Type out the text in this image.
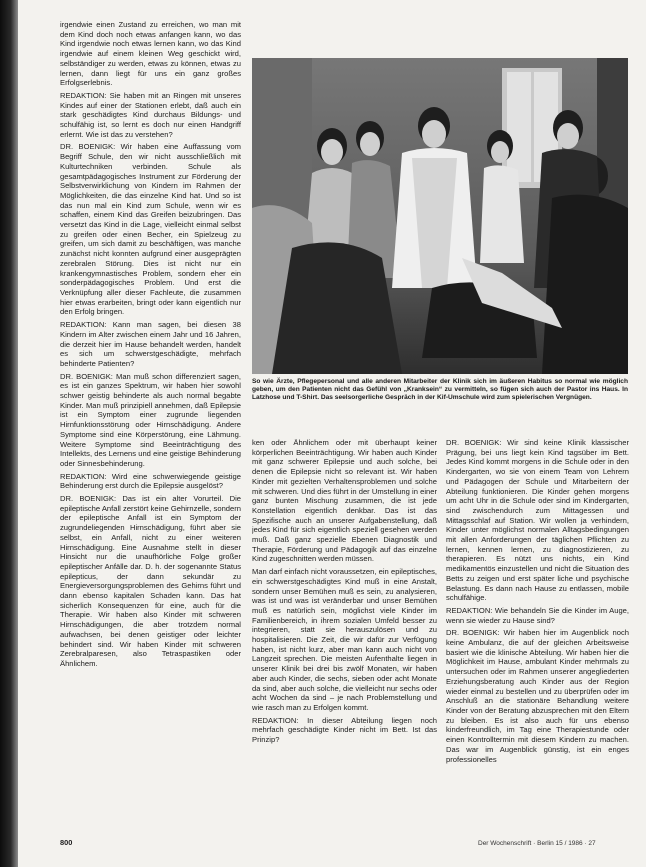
irgendwie einen Zustand zu erreichen, wo man mit dem Kind doch noch etwas anfangen kann, wo das Kind irgendwie noch etwas lernen kann, wo das Kind irgendwie auf einem kleinen Weg geschickt wird, selbständiger zu werden, etwas zu können, etwas zu lernen, dann liegt für uns ein ganz großes Erfolgserlebnis.

REDAKTION: Sie haben mit an Ringen mit unseres Kindes auf einer der Stationen erlebt, daß auch ein stark geschädigtes Kind durchaus Bildungs- und schulfähig ist, so lernt es doch nur einen Handgriff erlernt. Wie ist das zu verstehen?

DR. BOENIGK: Wir haben eine Auffassung vom Begriff Schule, den wir nicht ausschließlich mit Kulturtechniken verbinden. Schule als gesamtpädagogisches Instrument zur Förderung der Selbstverwirklichung von Kindern im Rahmen der Möglichkeiten, die das einzelne Kind hat. Und so ist das nun mal ein Kind zum Schule, wenn wir es schaffen, einem Kind das Greifen beizubringen. Das versetzt das Kind in die Lage, vielleicht einmal selbst zu greifen oder einen Becher, ein Spielzeug zu greifen, um sich damit zu beschäftigen, was manche zunächst nicht konnten aufgrund einer ausgeprägten zerebralen Störung. Dies ist nicht nur ein krankengymnastisches Problem, sondern eher ein sonderpädagogisches Problem. Und erst die Verknüpfung aller dieser Fachleute, die zusammen hier etwas erarbeiten, bringt oder kann eigentlich nur den Erfolg bringen.

REDAKTION: Kann man sagen, bei diesen 38 Kindern im Alter zwischen einem Jahr und 16 Jahren, die derzeit hier im Hause behandelt werden, handelt es sich um schwerstgeschädigte, mehrfach behinderte Patienten?

DR. BOENIGK: Man muß schon differenziert sagen, es ist ein ganzes Spektrum, wir haben hier sowohl schwer geistig behinderte als auch normal begabte Kinder. Man muß prinzipiell annehmen, daß Epilepsie ist ein Symptom einer zugrunde liegenden Hirnfunktionsstörung oder Hirnschädigung. Andere Symptome sind eine Körperstörung, eine Lähmung. Weitere Symptome sind Beeinträchtigung des Intellekts, des Lernens und eine geistige Behinderung oder Sinnesbehinderung.

REDAKTION: Wird eine schwerwiegende geistige Behinderung erst durch die Epilepsie ausgelöst?

DR. BOENIGK: Das ist ein alter Vorurteil. Die epileptische Anfall zerstört keine Gehirnzelle, sondern der epileptische Anfall ist ein Symptom der zugrundeliegenden Hirnschädigung, führt aber sie selbst, ein Anfall, nicht zu einer weiteren Hirnschädigung. Eine Ausnahme stellt in dieser Hinsicht nur die unaufhörliche Folge großer epileptischer Anfälle dar. D. h. der sogenannte Status epilepticus, der dann sekundär zu Energieversorgungsproblemen des Gehirns führt und dann ebenso kapitalen Schaden kann. Das hat sicherlich Konsequenzen für eine, auch für die Therapie. Wir haben also Kinder mit schweren Hirnschädigungen, die aber trotzdem normal aufwachsen, bei denen geistiger oder leichter behindert sind. Wir haben Kinder mit schweren Zerebralparesen, also Tetraspastiken oder Ähnlichem.

So wie Ärzte, Pflegepersonal und alle anderen Mitarbeiter der Klinik sich im äußeren Habitus so normal wie möglich geben, um den Patienten nicht das Gefühl von „Kranksein“ zu vermitteln, so fügen sich auch der Pastor ins Haus. In Latzhose und T-Shirt. Das seelsorgerliche Gespräch in der Kif-Umschule wird zum spielerischen Vergnügen.

ken oder Ähnlichem oder mit überhaupt keiner körperlichen Beeinträchtigung. Wir haben auch Kinder mit ganz schwerer Epilepsie und auch solche, bei denen die Epilepsie nicht so relevant ist. Wir haben Kinder mit gezielten Verhaltensproblemen und solche mit schweren. Und dies führt in der Umstellung in einer ganz bunten Mischung zusammen, die ist jede Konstellation eigentlich denkbar. Das ist das Spezifische auch an unserer Aufgabenstellung, daß jedes Kind für sich eigentlich speziell gesehen werden muß. Daß ganz spezielle Ebenen Diagnostik und Therapie, Förderung und Pädagogik auf das einzelne Kind zugeschnitten werden müssen.

Man darf einfach nicht voraussetzen, ein epileptisches, ein schwerstgeschädigtes Kind muß in eine Anstalt, sondern unser Bemühen muß es sein, zu analysieren, was ist und was ist veränderbar und unser Bemühen muß es natürlich sein, möglichst viele Kinder im Familienbereich, in ihrem sozialen Umfeld besser zu integrieren, statt sie herauszulösen und zu hospitalisieren. Die Zeit, die wir dafür zur Verfügung haben, ist nicht kurz, aber man kann auch nicht von Langzeit sprechen. Die meisten Aufenthalte liegen in unserer Klinik bei drei bis zwölf Monaten, wir haben aber auch Kinder, die sechs, sieben oder acht Monate da sind, aber auch solche, die vielleicht nur sechs oder acht Wochen da sind – je nach Problemstellung und wie rasch man zu Erfolgen kommt.

REDAKTION: In dieser Abteilung liegen noch mehrfach geschädigte Kinder nicht im Bett. Ist das Prinzip?

DR. BOENIGK: Wir sind keine Klinik klassischer Prägung, bei uns liegt kein Kind tagsüber im Bett. Jedes Kind kommt morgens in die Schule oder in den Kindergarten, wo sie von einem Team von Lehrern und Pädagogen der Schule und Mitarbeitern der Abteilung funktionieren. Die Kinder gehen morgens um acht Uhr in die Schule oder sind im Kindergarten, sind zwischendurch zum Mittagessen und Mittagsschlaf auf Station. Wir wollen ja verhindern, Kinder unter möglichst normalen Alltagsbedingungen mit allen Anforderungen der täglichen Pflichten zu lernen, kennen lernen, zu diagnostizieren, zu therapieren. Es nützt uns nichts, ein Kind medikamentös einzustellen und nicht die Situation des Betts zu zeigen und erst später liche und psychische Belastung. Es dann nach Hause zu entlassen, mobile schulfähige.

REDAKTION: Wie behandeln Sie die Kinder im Auge, wenn sie wieder zu Hause sind?

DR. BOENIGK: Wir haben hier im Augenblick noch keine Ambulanz, die auf der gleichen Arbeitsweise basiert wie die klinische Abteilung. Wir haben hier die Möglichkeit im Hause, ambulant Kinder mehrmals zu untersuchen oder im Rahmen unserer angegliederten Erziehungsberatung auch Kinder aus der Region wieder einmal zu bestellen und zu überprüfen oder im Anschluß an die stationäre Behandlung weitere Kinder von der Beratung abzusprechen mit den Eltern zu bleiben. Es ist also auch für uns ebenso kinderfreundlich, im Tag eine Therapiestunde oder einen Kontrolltermin mit diesem Kindern zu machen. Das war im Augenblick günstig, ist ein enges professionelles

800	Der Wochenschrift · Berlin 15 / 1986 · 27
